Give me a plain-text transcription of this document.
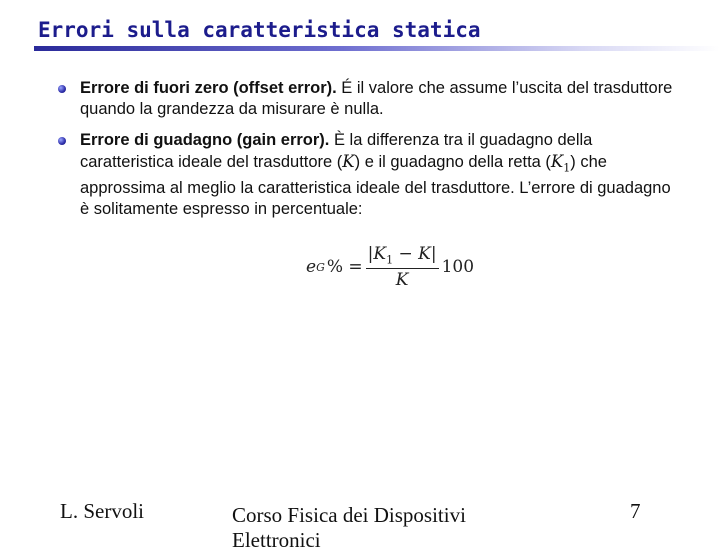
Errori sulla caratteristica statica
Errore di fuori zero (offset error). É il valore che assume l’uscita del trasduttore quando la grandezza da misurare è nulla.
Errore di guadagno (gain error). È la differenza tra il guadagno della caratteristica ideale del trasduttore (K) e il guadagno della retta $(K_1)$ che approssima al meglio la caratteristica ideale del trasduttore. L’errore di guadagno è solitamente espresso in percentuale:
e G % = $\frac{|K_1 - K|}{K} 100$
L. Servoli	Corso Fisica dei Dispositivi Elettronici
7
